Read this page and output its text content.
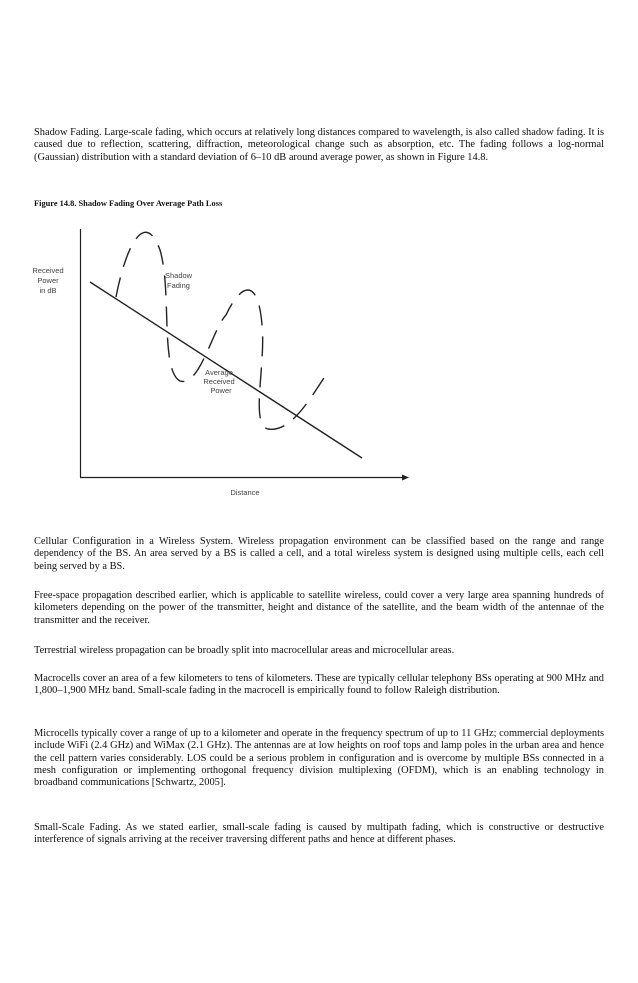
Shadow Fading. Large-scale fading, which occurs at relatively long distances compared to wavelength, is also called shadow fading. It is caused due to reflection, scattering, diffraction, meteorological change such as absorption, etc. The fading follows a log-normal (Gaussian) distribution with a standard deviation of 6–10 dB around average power, as shown in Figure 14.8.

Figure 14.8. Shadow Fading Over Average Path Loss

Received
Power
in dB
Shadow
Fading
Average
Received
Power
Distance

Cellular Configuration in a Wireless System. Wireless propagation environment can be classified based on the range and range dependency of the BS. An area served by a BS is called a cell, and a total wireless system is designed using multiple cells, each cell being served by a BS.

Free-space propagation described earlier, which is applicable to satellite wireless, could cover a very large area spanning hundreds of kilometers depending on the power of the transmitter, height and distance of the satellite, and the beam width of the antennae of the transmitter and the receiver.

Terrestrial wireless propagation can be broadly split into macrocellular areas and microcellular areas.

Macrocells cover an area of a few kilometers to tens of kilometers. These are typically cellular telephony BSs operating at 900 MHz and 1,800–1,900 MHz band. Small-scale fading in the macrocell is empirically found to follow Raleigh distribution.

Microcells typically cover a range of up to a kilometer and operate in the frequency spectrum of up to 11 GHz; commercial deployments include WiFi (2.4 GHz) and WiMax (2.1 GHz). The antennas are at low heights on roof tops and lamp poles in the urban area and hence the cell pattern varies considerably. LOS could be a serious problem in configuration and is overcome by multiple BSs connected in a mesh configuration or implementing orthogonal frequency division multiplexing (OFDM), which is an enabling technology in broadband communications [Schwartz, 2005].

Small-Scale Fading. As we stated earlier, small-scale fading is caused by multipath fading, which is constructive or destructive interference of signals arriving at the receiver traversing different paths and hence at different phases.
